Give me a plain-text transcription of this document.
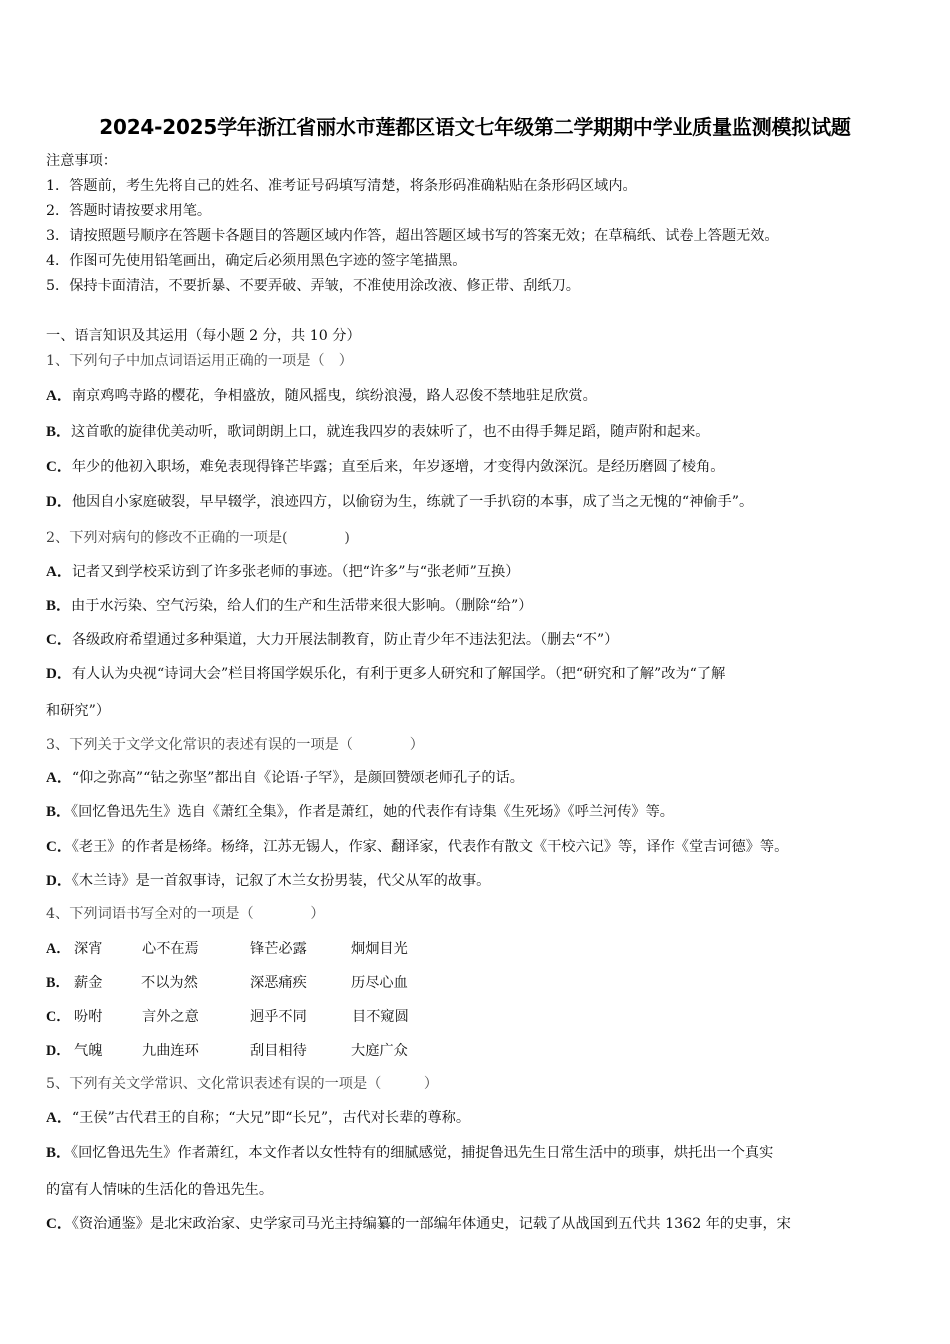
2024-2025学年浙江省丽水市莲都区语文七年级第二学期期中学业质量监测模拟试题
注意事项：
1．答题前，考生先将自己的姓名、准考证号码填写清楚，将条形码准确粘贴在条形码区域内。
2．答题时请按要求用笔。
3．请按照题号顺序在答题卡各题目的答题区域内作答，超出答题区域书写的答案无效；在草稿纸、试卷上答题无效。
4．作图可先使用铅笔画出，确定后必须用黑色字迹的签字笔描黑。
5．保持卡面清洁，不要折暴、不要弄破、弄皱，不准使用涂改液、修正带、刮纸刀。
一、语言知识及其运用（每小题 2 分，共 10 分）
1、下列句子中加点词语运用正确的一项是（　）
A．南京鸡鸣寺路的樱花，争相盛放，随风摇曳，缤纷浪漫，路人忍俊不禁地驻足欣赏。
B．这首歌的旋律优美动听，歌词朗朗上口，就连我四岁的表妹听了，也不由得手舞足蹈，随声附和起来。
C．年少的他初入职场，难免表现得锋芒毕露；直至后来，年岁逐增，才变得内敛深沉。是经历磨圆了棱角。
D．他因自小家庭破裂，早早辍学，浪迹四方，以偷窃为生，练就了一手扒窃的本事，成了当之无愧的“神偷手”。
2、下列对病句的修改不正确的一项是(　　　　)
A．记者又到学校采访到了许多张老师的事迹。（把“许多”与“张老师”互换）
B．由于水污染、空气污染，给人们的生产和生活带来很大影响。（删除“给”）
C．各级政府希望通过多种渠道，大力开展法制教育，防止青少年不违法犯法。（删去“不”）
D．有人认为央视“诗词大会”栏目将国学娱乐化，有利于更多人研究和了解国学。（把“研究和了解”改为“了解
和研究”）
3、下列关于文学文化常识的表述有误的一项是（　　　　）
A．“仰之弥高”“钻之弥坚”都出自《论语·子罕》，是颜回赞颂老师孔子的话。
B．《回忆鲁迅先生》选自《萧红全集》，作者是萧红，她的代表作有诗集《生死场》《呼兰河传》等。
C．《老王》的作者是杨绛。杨绛，江苏无锡人，作家、翻译家，代表作有散文《干校六记》等，译作《堂吉诃德》等。
D．《木兰诗》是一首叙事诗，记叙了木兰女扮男装，代父从军的故事。
4、下列词语书写全对的一项是（　　　　）
A． 深宵	心不在焉	锋芒必露	炯炯目光
B． 薪金	不以为然	深恶痛疾	历尽心血
C． 吩咐	言外之意	迥乎不同	目不窥圆
D． 气魄	九曲连环	刮目相待	大庭广众
5、下列有关文学常识、文化常识表述有误的一项是（　　　）
A．“王侯”古代君王的自称；“大兄”即“长兄”，古代对长辈的尊称。
B．《回忆鲁迅先生》作者萧红，本文作者以女性特有的细腻感觉，捕捉鲁迅先生日常生活中的琐事，烘托出一个真实
的富有人情味的生活化的鲁迅先生。
C．《资治通鉴》是北宋政治家、史学家司马光主持编纂的一部编年体通史，记载了从战国到五代共 1362 年的史事，宋
